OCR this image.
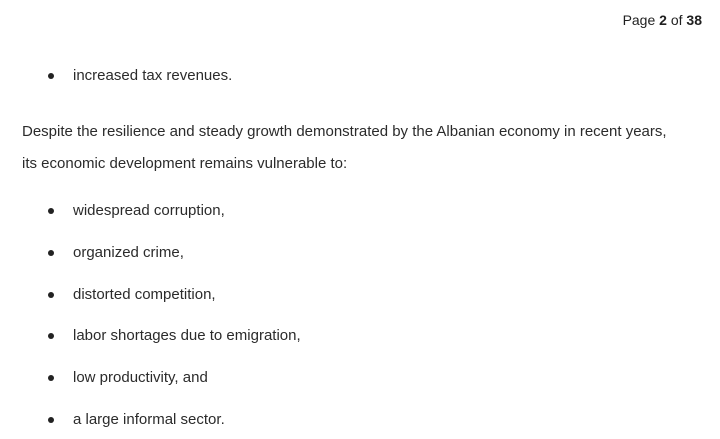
Page 2 of 38
increased tax revenues.
Despite the resilience and steady growth demonstrated by the Albanian economy in recent years,
its economic development remains vulnerable to:
widespread corruption,
organized crime,
distorted competition,
labor shortages due to emigration,
low productivity, and
a large informal sector.
